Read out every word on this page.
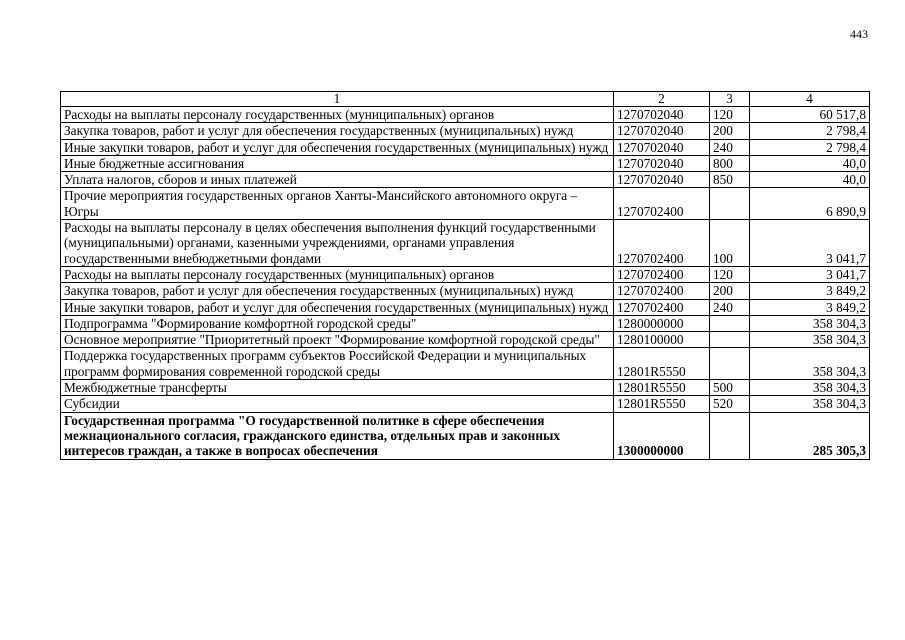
443
1	2	3	4
Расходы на выплаты персоналу государственных (муниципальных) органов	1270702040	120	60 517,8
Закупка товаров, работ и услуг для обеспечения государственных (муниципальных) нужд	1270702040	200	2 798,4
Иные закупки товаров, работ и услуг для обеспечения государственных (муниципальных) нужд	1270702040	240	2 798,4
Иные бюджетные ассигнования	1270702040	800	40,0
Уплата налогов, сборов и иных платежей	1270702040	850	40,0
Прочие мероприятия государственных органов Ханты-Мансийского автономного округа – Югры	1270702400		6 890,9
Расходы на выплаты персоналу в целях обеспечения выполнения функций государственными (муниципальными) органами, казенными учреждениями, органами управления государственными внебюджетными фондами	1270702400	100	3 041,7
Расходы на выплаты персоналу государственных (муниципальных) органов	1270702400	120	3 041,7
Закупка товаров, работ и услуг для обеспечения государственных (муниципальных) нужд	1270702400	200	3 849,2
Иные закупки товаров, работ и услуг для обеспечения государственных (муниципальных) нужд	1270702400	240	3 849,2
Подпрограмма "Формирование комфортной городской среды"	1280000000		358 304,3
Основное мероприятие "Приоритетный проект "Формирование комфортной городской среды"	1280100000		358 304,3
Поддержка государственных программ субъектов Российской Федерации и муниципальных программ формирования современной городской среды	12801R5550		358 304,3
Межбюджетные трансферты	12801R5550	500	358 304,3
Субсидии	12801R5550	520	358 304,3
Государственная программа "О государственной политике в сфере обеспечения межнационального согласия, гражданского единства, отдельных прав и законных интересов граждан, а также в вопросах обеспечения	1300000000		285 305,3
